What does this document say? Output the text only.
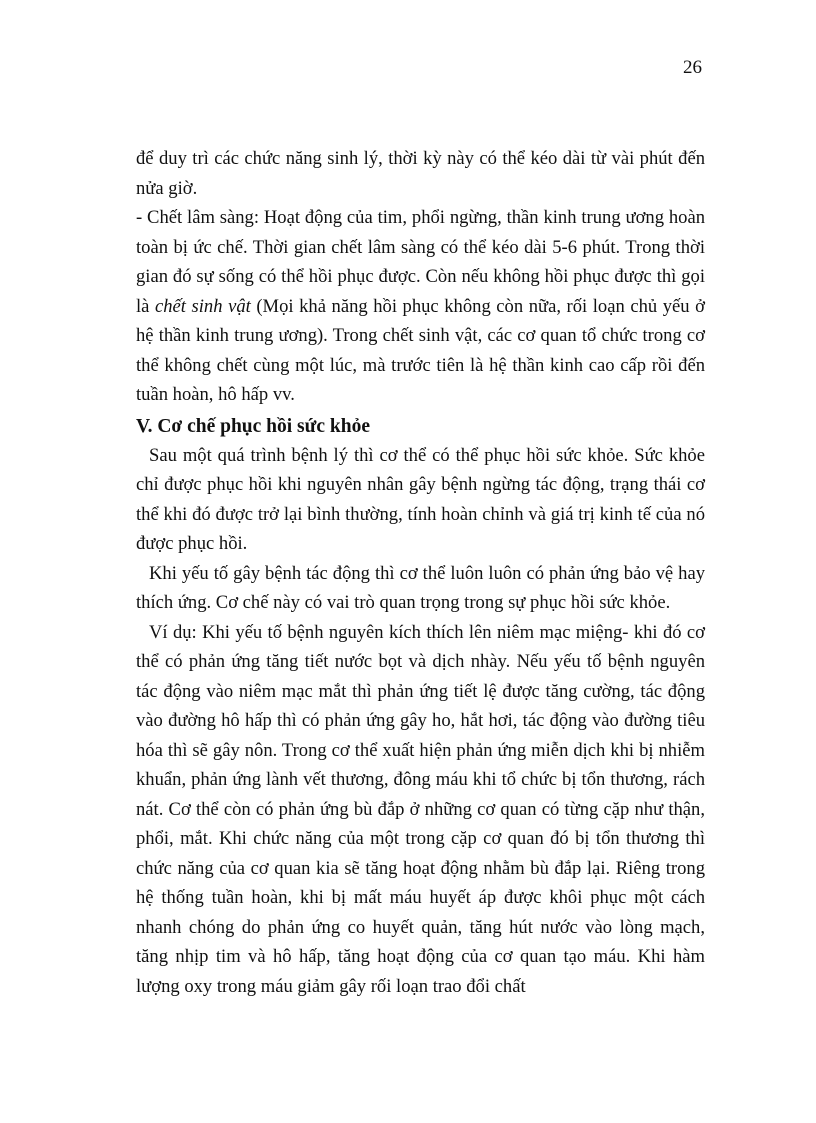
26

để duy trì các chức năng sinh lý, thời kỳ này có thể kéo dài từ vài phút đến nửa giờ.

- Chết lâm sàng: Hoạt động của tim, phổi ngừng, thần kinh trung ương hoàn toàn bị ức chế. Thời gian chết lâm sàng có thể kéo dài 5-6 phút. Trong thời gian đó sự sống có thể hồi phục được. Còn nếu không hồi phục được thì gọi là chết sinh vật (Mọi khả năng hồi phục không còn nữa, rối loạn chủ yếu ở hệ thần kinh trung ương). Trong chết sinh vật, các cơ quan tổ chức trong cơ thể không chết cùng một lúc, mà trước tiên là hệ thần kinh cao cấp rồi đến tuần hoàn, hô hấp vv.

V. Cơ chế phục hồi sức khỏe

Sau một quá trình bệnh lý thì cơ thể có thể phục hồi sức khỏe. Sức khỏe chỉ được phục hồi khi nguyên nhân gây bệnh ngừng tác động, trạng thái cơ thể khi đó được trở lại bình thường, tính hoàn chỉnh và giá trị kinh tế của nó được phục hồi.

Khi yếu tố gây bệnh tác động thì cơ thể luôn luôn có phản ứng bảo vệ hay thích ứng. Cơ chế này có vai trò quan trọng trong sự phục hồi sức khỏe.

Ví dụ: Khi yếu tố bệnh nguyên kích thích lên niêm mạc miệng- khi đó cơ thể có phản ứng tăng tiết nước bọt và dịch nhày. Nếu yếu tố bệnh nguyên tác động vào niêm mạc mắt thì phản ứng tiết lệ được tăng cường, tác động vào đường hô hấp thì có phản ứng gây ho, hắt hơi, tác động vào đường tiêu hóa thì sẽ gây nôn. Trong cơ thể xuất hiện phản ứng miễn dịch khi bị nhiễm khuẩn, phản ứng lành vết thương, đông máu khi tổ chức bị tổn thương, rách nát. Cơ thể còn có phản ứng bù đắp ở những cơ quan có từng cặp như thận, phổi, mắt. Khi chức năng của một trong cặp cơ quan đó bị tổn thương thì chức năng của cơ quan kia sẽ tăng hoạt động nhằm bù đắp lại. Riêng trong hệ thống tuần hoàn, khi bị mất máu huyết áp được khôi phục một cách nhanh chóng do phản ứng co huyết quản, tăng hút nước vào lòng mạch, tăng nhịp tim và hô hấp, tăng hoạt động của cơ quan tạo máu. Khi hàm lượng oxy trong máu giảm gây rối loạn trao đổi chất
